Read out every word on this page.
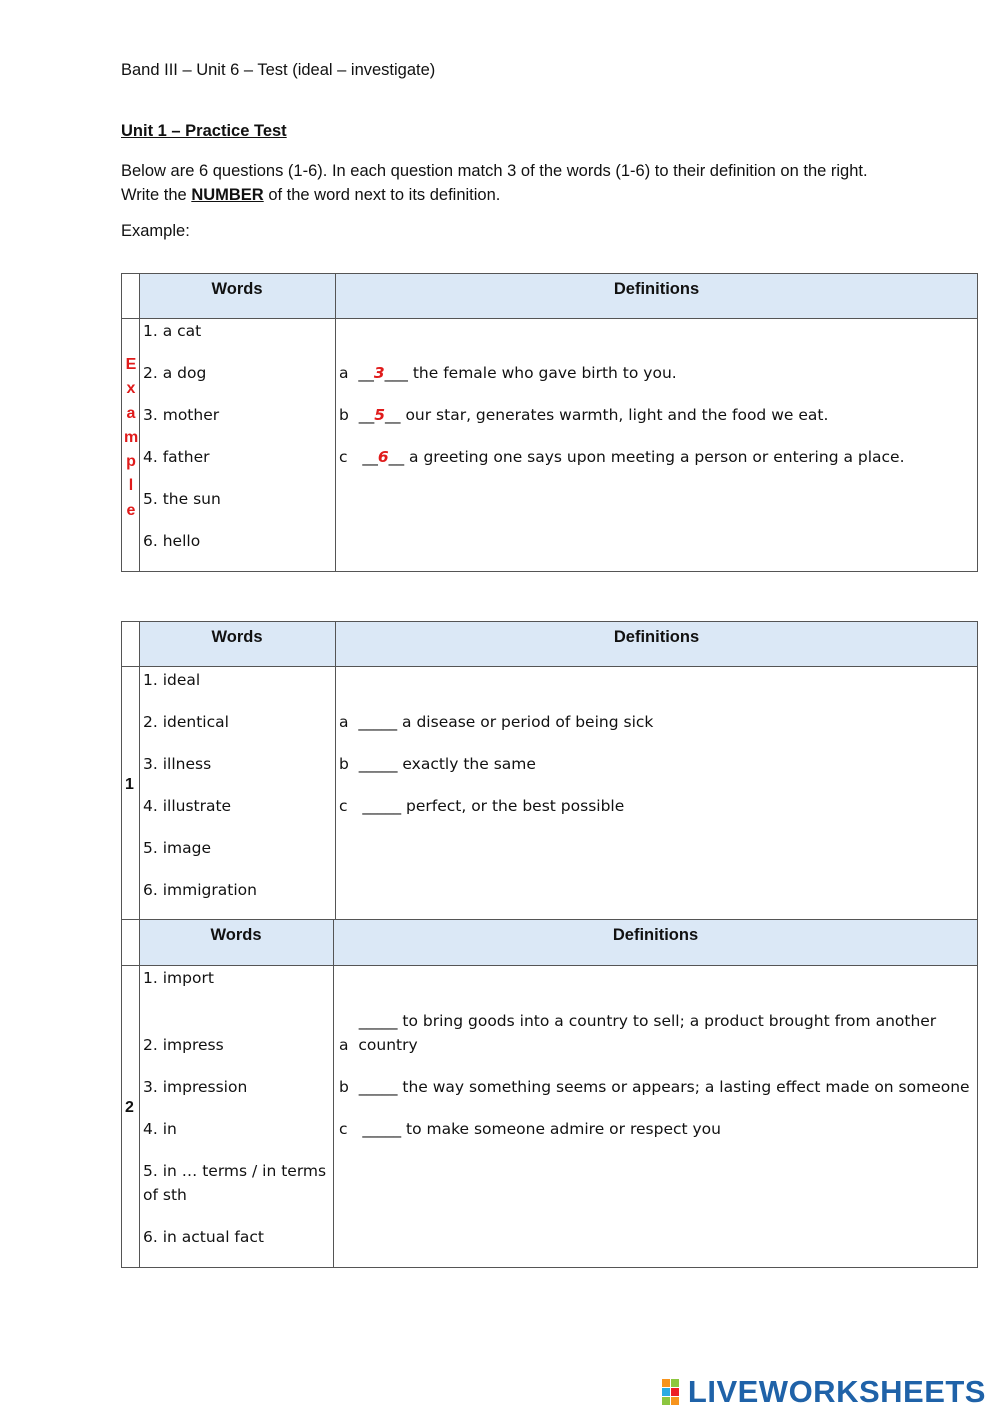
Band III – Unit 6 – Test (ideal – investigate)
Unit 1 – Practice Test
Below are 6 questions (1-6). In each question match 3 of the words (1-6) to their definition on the right. Write the NUMBER of the word next to its definition.
Example:
Words	Definitions
E
x
a
m
p
l
e
1. a cat
2. a dog
3. mother
4. father
5. the sun
6. hello
a __3___ the female who gave birth to you.
b __5__ our star, generates warmth, light and the food we eat.
c __6__ a greeting one says upon meeting a person or entering a place.
Words	Definitions
1
1. ideal
2. identical
3. illness
4. illustrate
5. image
6. immigration
a _____ a disease or period of being sick
b _____ exactly the same
c _____ perfect, or the best possible
Words	Definitions
2
1. import
2. impress
3. impression
4. in
5. in … terms / in terms
of sth
6. in actual fact
_____ to bring goods into a country to sell; a product brought from another
a country
b _____ the way something seems or appears; a lasting effect made on someone
c _____ to make someone admire or respect you
LIVEWORKSHEETS
